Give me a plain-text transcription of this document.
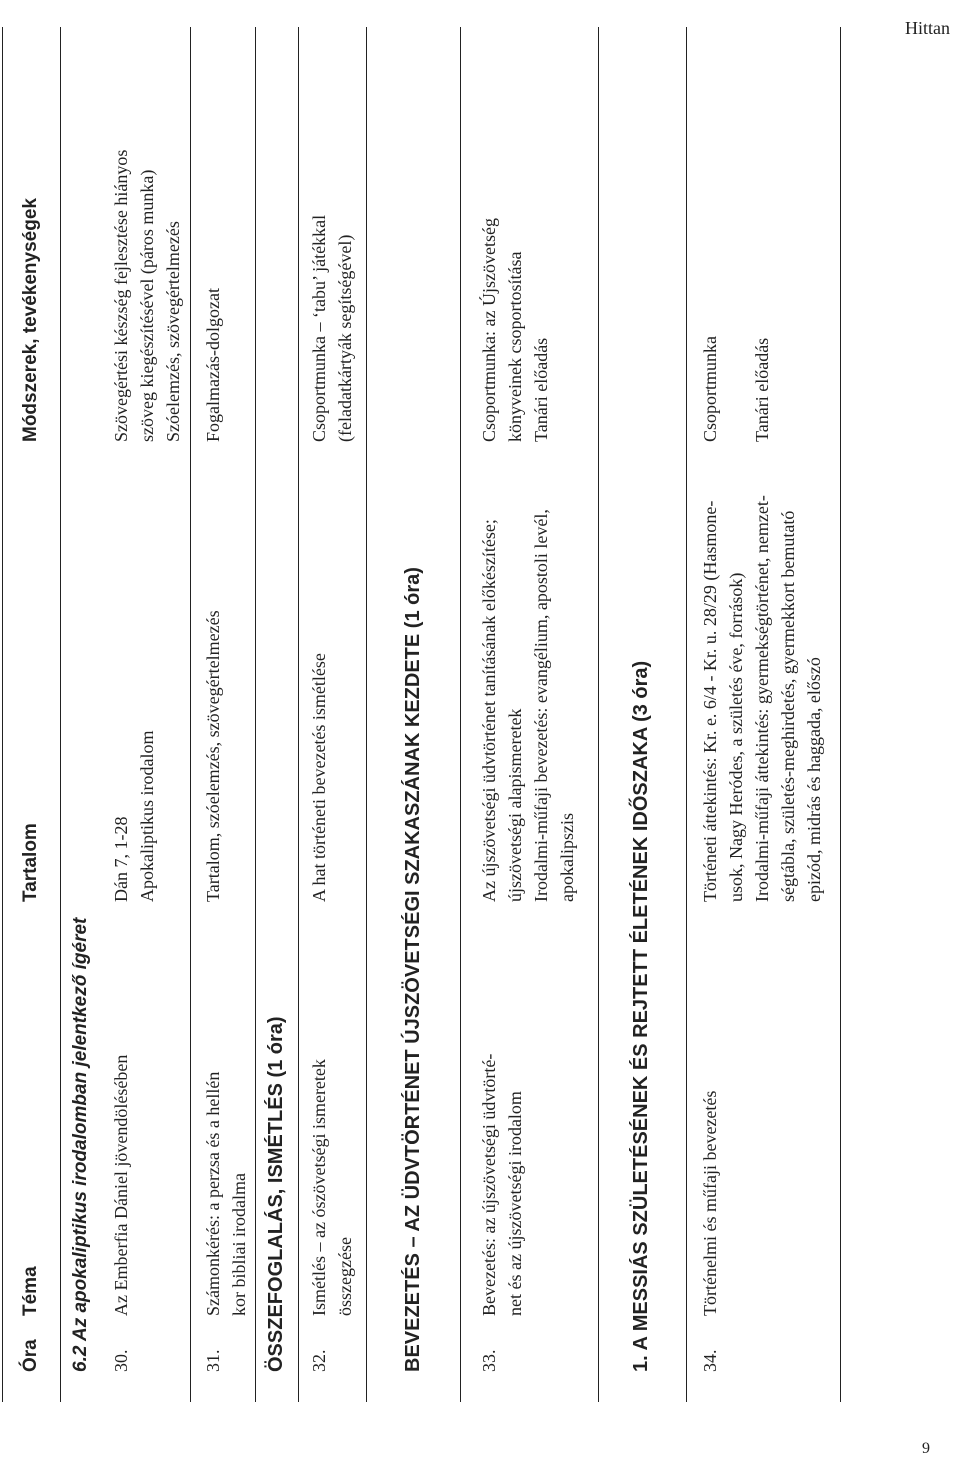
Hittan
Óra
Téma
Tartalom
Módszerek, tevékenységek
6.2 Az apokaliptikus irodalomban jelentkező ígéret 30.
Az Emberfia Dániel jövendölésében
Dán 7, 1-28
Apokaliptikus irodalom
Szövegértési készség fejlesztése hiányos
szöveg kiegészítésével (páros munka)
Szóelemzés, szövegértelmezés
31.
Számonkérés: a perzsa és a hellén
kor bibliai irodalma
Tartalom, szóelemzés, szövegértelmezés
Fogalmazás-dolgozat
ÖSSZEFOGLALÁS, ISMÉTLÉS (1 óra) 32.
Ismétlés – az ószövetségi ismeretek
összegzése
A hat történeti bevezetés ismétlése
Csoportmunka – ‘tabu’ játékkal
(feladatkártyák segítségével)
BEVEZETÉS – AZ ÜDVTÖRTÉNET ÚJSZÖVETSÉGI SZAKASZÁNAK KEZDETE (1 óra)	33.
Bevezetés: az újszövetségi üdvtörté-
net és az újszövetségi irodalom
Az újszövetségi üdvtörténet tanításának előkészítése;
újszövetségi alapismeretek
Irodalmi-műfaji bevezetés: evangélium, apostoli levél,
apokalipszis
Csoportmunka: az Újszövetség
könyveinek csoportosítása
Tanári előadás
1. A MESSIÁS SZÜLETÉSÉNEK ÉS REJTETT ÉLETÉNEK IDŐSZAKA (3 óra)	34.
Történelmi és műfaji bevezetés
Történeti áttekintés: Kr. e. 6/4 - Kr. u. 28/29 (Hasmone-
usok, Nagy Heródes, a születés éve, források)
Irodalmi-műfaji áttekintés: gyermekségtörténet, nemzet-
ségtábla, születés-meghirdetés, gyermekkort bemutató
epizód, midrás és haggada, előszó
Csoportmunka

Tanári előadás
9
